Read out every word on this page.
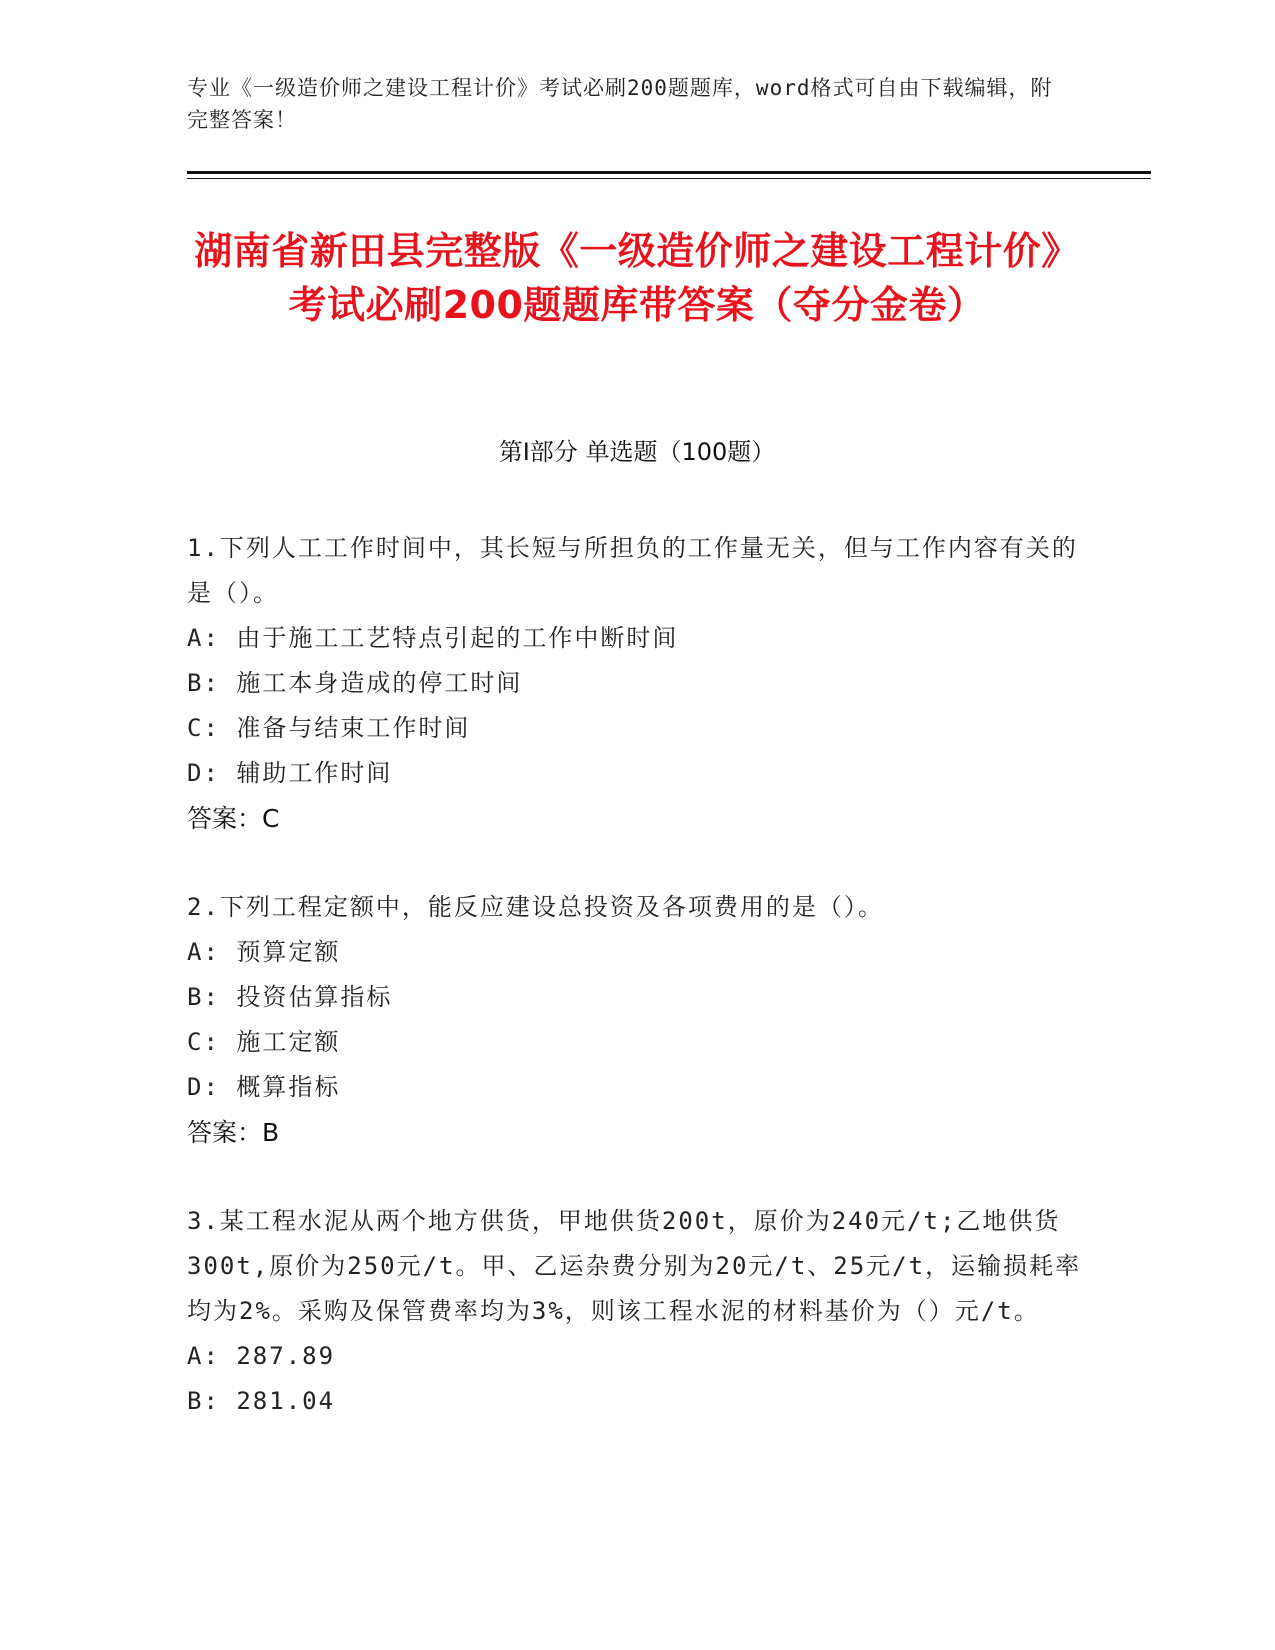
专业《一级造价师之建设工程计价》考试必刷200题题库，word格式可自由下载编辑，附完整答案！
湖南省新田县完整版《一级造价师之建设工程计价》考试必刷200题题库带答案（夺分金卷）
第Ⅰ部分 单选题（100题）
1.下列人工工作时间中，其长短与所担负的工作量无关，但与工作内容有关的是（）。
A: 由于施工工艺特点引起的工作中断时间
B: 施工本身造成的停工时间
C: 准备与结束工作时间
D: 辅助工作时间
答案：C
2.下列工程定额中，能反应建设总投资及各项费用的是（）。
A: 预算定额
B: 投资估算指标
C: 施工定额
D: 概算指标
答案：B
3.某工程水泥从两个地方供货，甲地供货200t，原价为240元/t;乙地供货300t,原价为250元/t。甲、乙运杂费分别为20元/t、25元/t，运输损耗率均为2%。采购及保管费率均为3%，则该工程水泥的材料基价为（）元/t。
A: 287.89
B: 281.04
